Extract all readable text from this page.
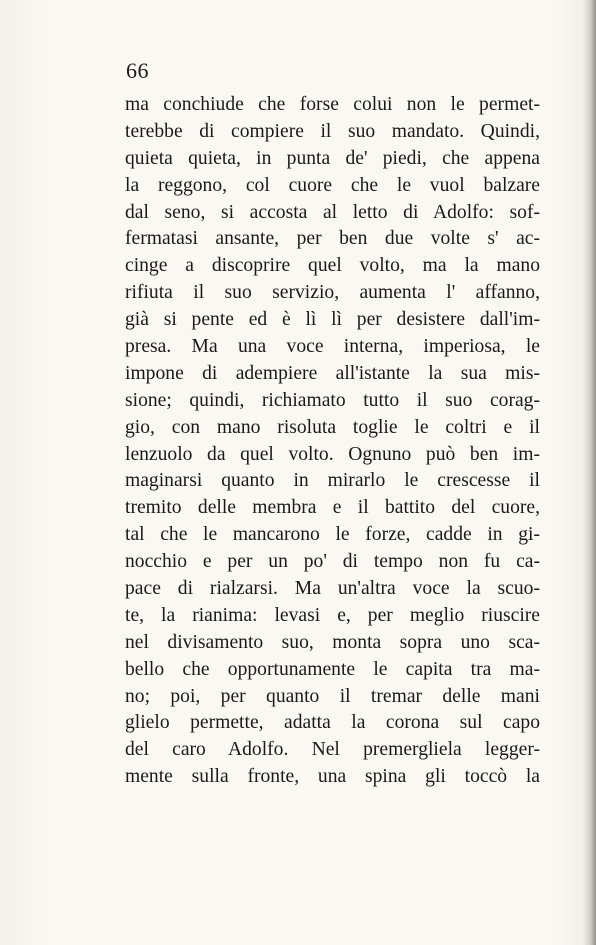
66
ma conchiude che forse colui non le permet-
terebbe di compiere il suo mandato. Quindi,
quieta quieta, in punta de' piedi, che appena
la reggono, col cuore che le vuol balzare
dal seno, si accosta al letto di Adolfo: sof-
fermatasi ansante, per ben due volte s' ac-
cinge a discoprire quel volto, ma la mano
rifiuta il suo servizio, aumenta l' affanno,
già si pente ed è lì lì per desistere dall'im-
presa. Ma una voce interna, imperiosa, le
impone di adempiere all'istante la sua mis-
sione; quindi, richiamato tutto il suo corag-
gio, con mano risoluta toglie le coltri e il
lenzuolo da quel volto. Ognuno può ben im-
maginarsi quanto in mirarlo le crescesse il
tremito delle membra e il battito del cuore,
tal che le mancarono le forze, cadde in gi-
nocchio e per un po' di tempo non fu ca-
pace di rialzarsi. Ma un'altra voce la scuo-
te, la rianima: levasi e, per meglio riuscire
nel divisamento suo, monta sopra uno sca-
bello che opportunamente le capita tra ma-
no; poi, per quanto il tremar delle mani
glielo permette, adatta la corona sul capo
del caro Adolfo. Nel premergliela legger-
mente sulla fronte, una spina gli toccò la
